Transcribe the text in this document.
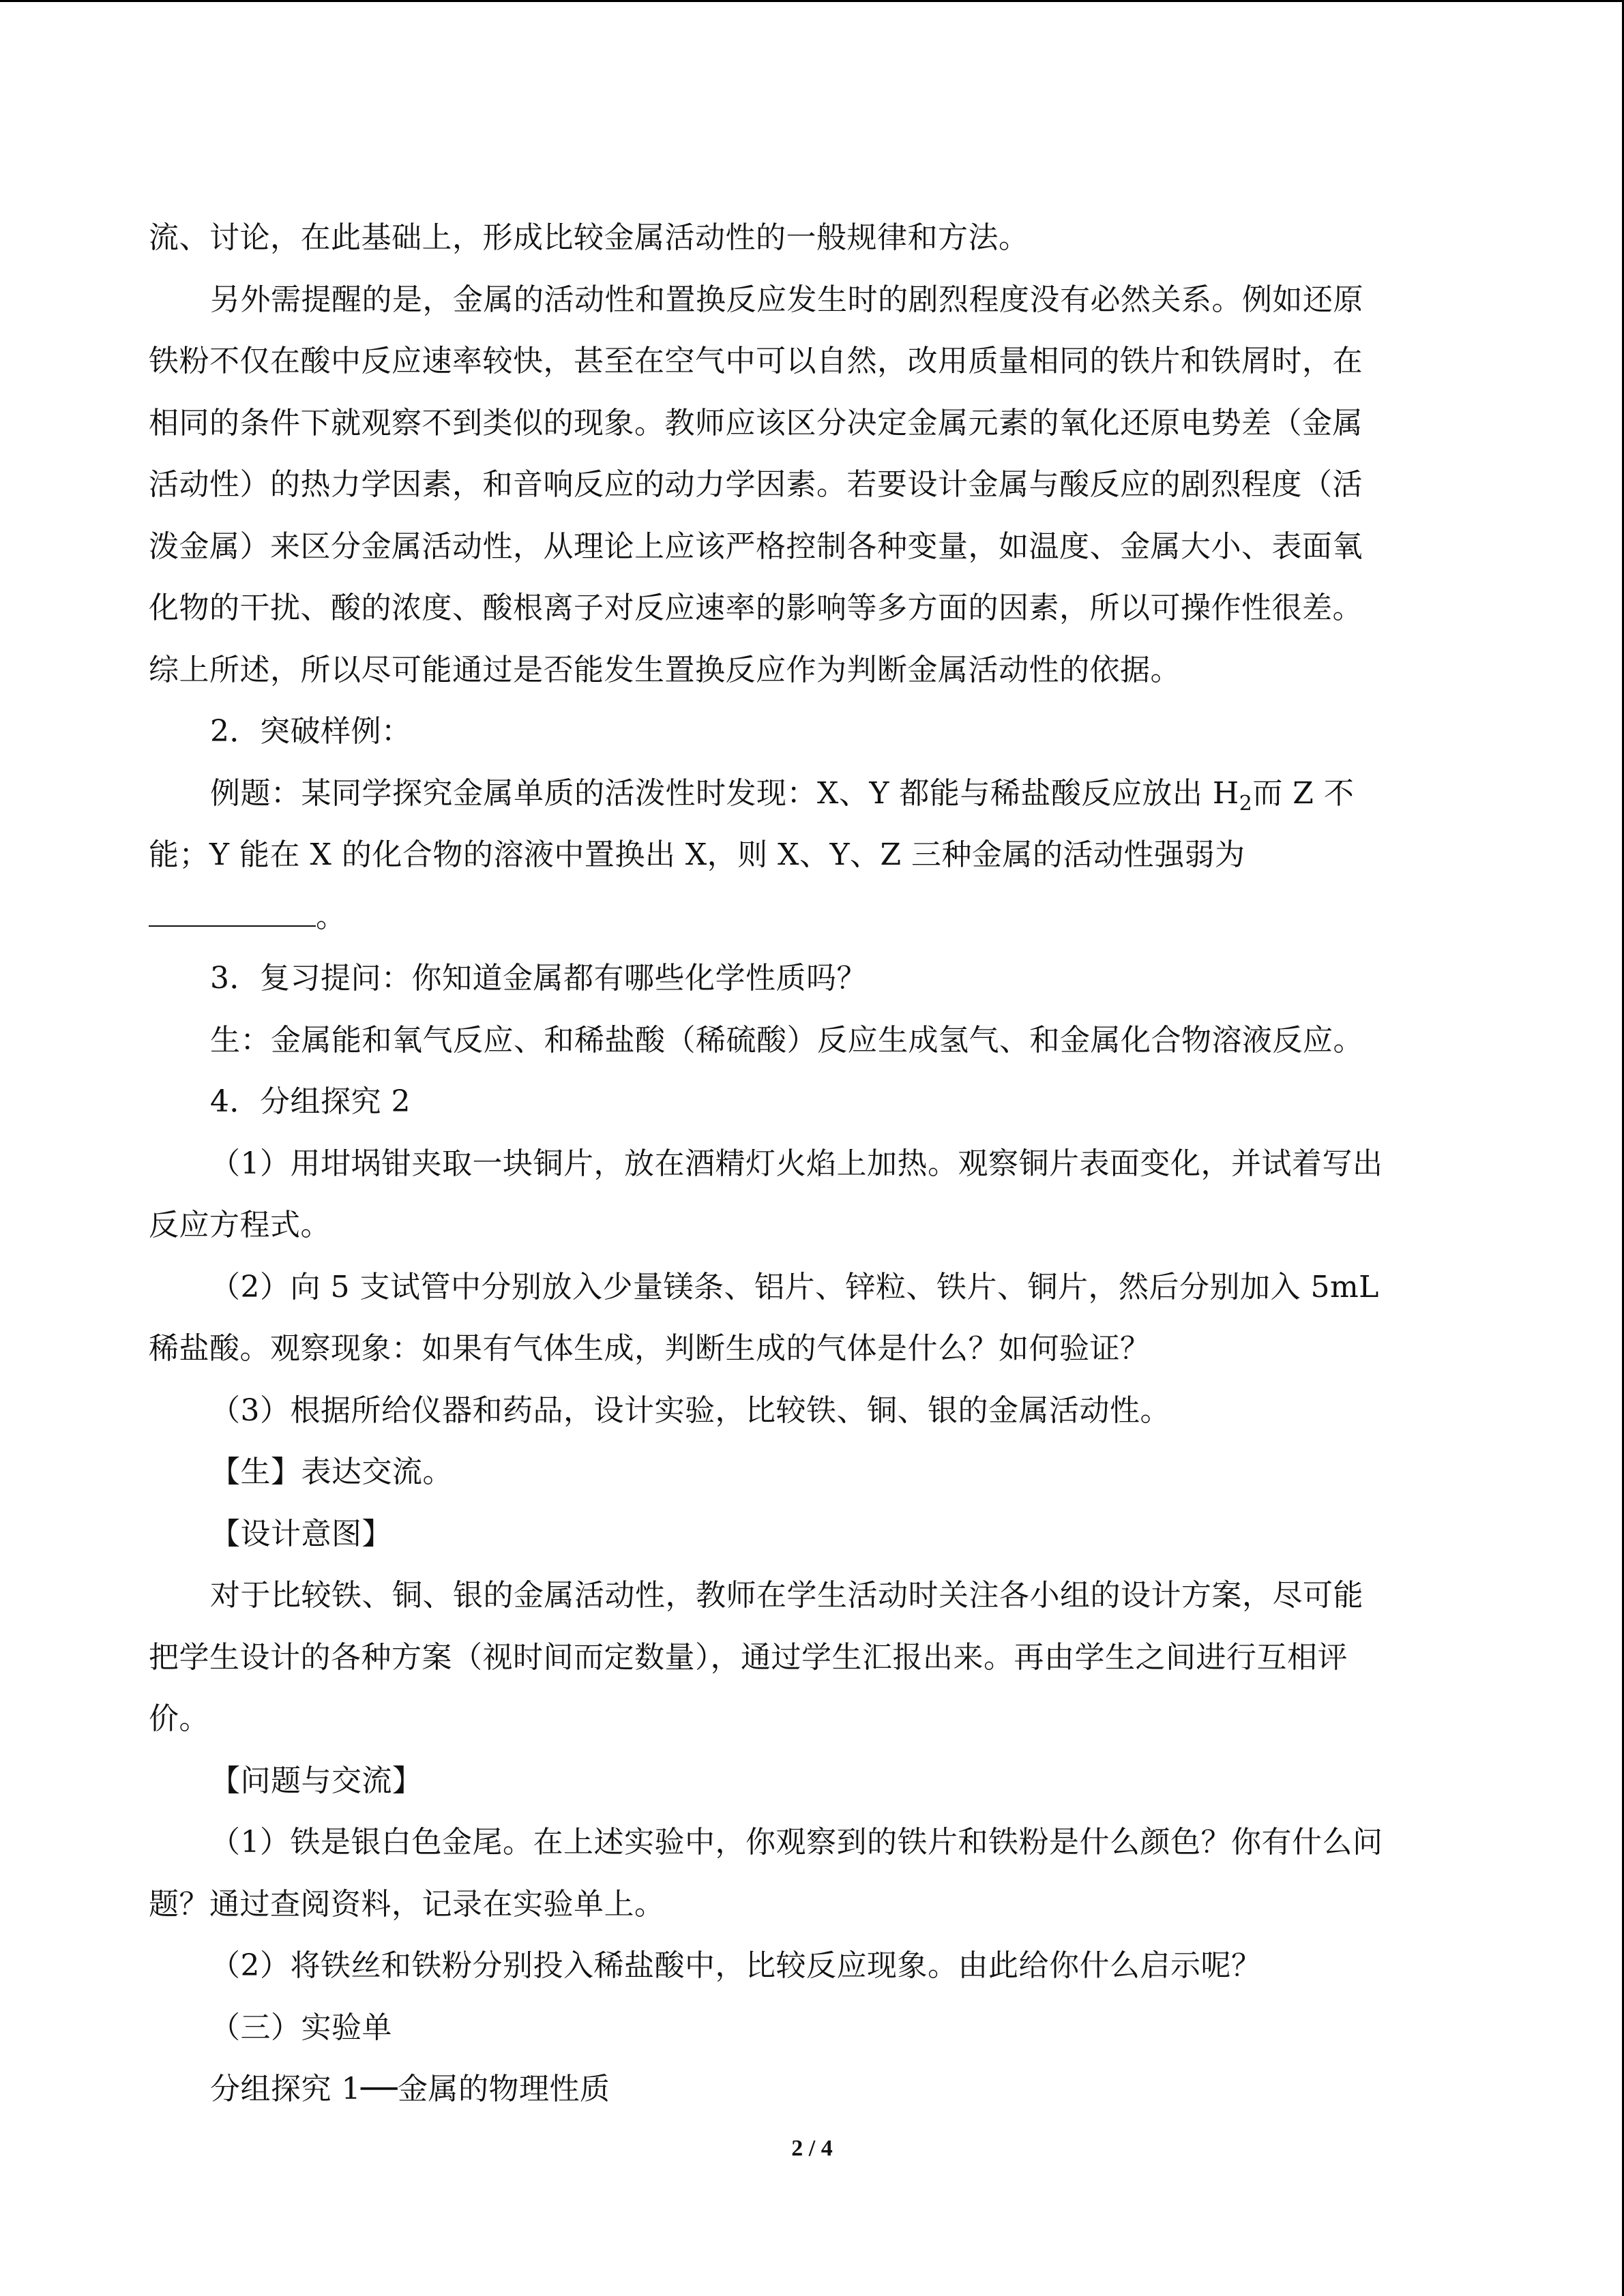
流、讨论，在此基础上，形成比较金属活动性的一般规律和方法。
另外需提醒的是，金属的活动性和置换反应发生时的剧烈程度没有必然关系。例如还原
铁粉不仅在酸中反应速率较快，甚至在空气中可以自然，改用质量相同的铁片和铁屑时，在
相同的条件下就观察不到类似的现象。教师应该区分决定金属元素的氧化还原电势差（金属
活动性）的热力学因素，和音响反应的动力学因素。若要设计金属与酸反应的剧烈程度（活
泼金属）来区分金属活动性，从理论上应该严格控制各种变量，如温度、金属大小、表面氧
化物的干扰、酸的浓度、酸根离子对反应速率的影响等多方面的因素，所以可操作性很差。
综上所述，所以尽可能通过是否能发生置换反应作为判断金属活动性的依据。
2．突破样例：
例题：某同学探究金属单质的活泼性时发现：X、Y 都能与稀盐酸反应放出 $H_2$而 Z 不
能；Y 能在 X 的化合物的溶液中置换出 X，则 X、Y、Z 三种金属的活动性强弱为
。
3．复习提问：你知道金属都有哪些化学性质吗？
生：金属能和氧气反应、和稀盐酸（稀硫酸）反应生成氢气、和金属化合物溶液反应。
4．分组探究 2
（1）用坩埚钳夹取一块铜片，放在酒精灯火焰上加热。观察铜片表面变化，并试着写出
反应方程式。
（2）向 5 支试管中分别放入少量镁条、铝片、锌粒、铁片、铜片，然后分别加入 5mL
稀盐酸。观察现象：如果有气体生成，判断生成的气体是什么？如何验证？
（3）根据所给仪器和药品，设计实验，比较铁、铜、银的金属活动性。
【生】表达交流。
【设计意图】
对于比较铁、铜、银的金属活动性，教师在学生活动时关注各小组的设计方案，尽可能
把学生设计的各种方案（视时间而定数量），通过学生汇报出来。再由学生之间进行互相评
价。
【问题与交流】
（1）铁是银白色金尾。在上述实验中，你观察到的铁片和铁粉是什么颜色？你有什么问
题？通过查阅资料，记录在实验单上。
（2）将铁丝和铁粉分别投入稀盐酸中，比较反应现象。由此给你什么启示呢？
（三）实验单
分组探究 1──金属的物理性质
2 / 4
